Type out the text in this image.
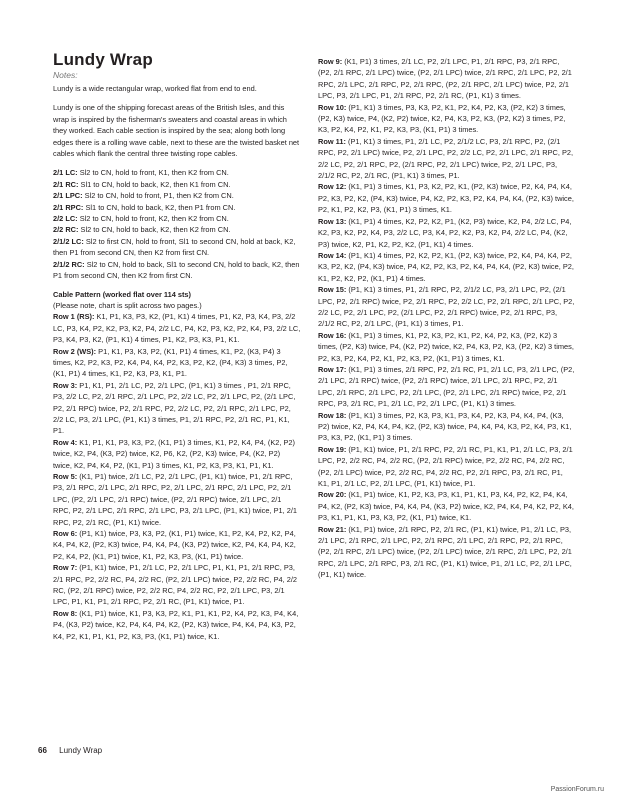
Lundy Wrap

Notes:

Lundy is a wide rectangular wrap, worked flat from end to end.

Lundy is one of the shipping forecast areas of the British Isles, and this wrap is inspired by the fisherman's sweaters and coastal areas in which they worked. Each cable section is inspired by the sea; along both long edges there is a rolling wave cable, next to these are the twisted basket net cables which flank the central three twisting rope cables.

2/1 LC: Sl2 to CN, hold to front, K1, then K2 from CN.

2/1 RC: Sl1 to CN, hold to back, K2, then K1 from CN.

2/1 LPC: Sl2 to CN, hold to front, P1, then K2 from CN.

2/1 RPC: Sl1 to CN, hold to back, K2, then P1 from CN.

2/2 LC: Sl2 to CN, hold to front, K2, then K2 from CN.

2/2 RC: Sl2 to CN, hold to back, K2, then K2 from CN.

2/1/2 LC: Sl2 to first CN, hold to front, Sl1 to second CN, hold at back, K2, then P1 from second CN, then K2 from first CN.

2/1/2 RC: Sl2 to CN, hold to back, Sl1 to second CN, hold to back, K2, then P1 from second CN, then K2 from first CN.

Cable Pattern (worked flat over 114 sts)

(Please note, chart is split across two pages.)

Row 1 (RS): K1, P1, K3, P3, K2, (P1, K1) 4 times, P1, K2, P3, K4, P3, 2/2 LC, P3, K4, P2, K2, P3, K2, P4, 2/2 LC, P4, K2, P3, K2, P2, K4, P3, 2/2 LC, P3, K4, P3, K2, (P1, K1) 4 times, P1, K2, P3, K3, P1, K1.

Row 2 (WS): P1, K1, P3, K3, P2, (K1, P1) 4 times, K1, P2, (K3, P4) 3 times, K2, P2, K3, P2, K4, P4, K4, P2, K3, P2, K2, (P4, K3) 3 times, P2, (K1, P1) 4 times, K1, P2, K3, P3, K1, P1.

Row 3: P1, K1, P1, 2/1 LC, P2, 2/1 LPC, (P1, K1) 3 times , P1, 2/1 RPC, P3, 2/2 LC, P2, 2/1 RPC, 2/1 LPC, P2, 2/2 LC, P2, 2/1 LPC, P2, (2/1 LPC, P2, 2/1 RPC) twice, P2, 2/1 RPC, P2, 2/2 LC, P2, 2/1 RPC, 2/1 LPC, P2, 2/2 LC, P3, 2/1 LPC, (P1, K1) 3 times, P1, 2/1 RPC, P2, 2/1 RC, P1, K1, P1.

Row 4: K1, P1, K1, P3, K3, P2, (K1, P1) 3 times, K1, P2, K4, P4, (K2, P2) twice, K2, P4, (K3, P2) twice, K2, P6, K2, (P2, K3) twice, P4, (K2, P2) twice, K2, P4, K4, P2, (K1, P1) 3 times, K1, P2, K3, P3, K1, P1, K1.

Row 5: (K1, P1) twice, 2/1 LC, P2, 2/1 LPC, (P1, K1) twice, P1, 2/1 RPC, P3, 2/1 RPC, 2/1 LPC, 2/1 RPC, P2, 2/1 LPC, 2/1 RPC, 2/1 LPC, P2, 2/1 LPC, (P2, 2/1 LPC, 2/1 RPC) twice, (P2, 2/1 RPC) twice, 2/1 LPC, 2/1 RPC, P2, 2/1 LPC, 2/1 RPC, 2/1 LPC, P3, 2/1 LPC, (P1, K1) twice, P1, 2/1 RPC, P2, 2/1 RC, (P1, K1) twice.

Row 6: (P1, K1) twice, P3, K3, P2, (K1, P1) twice, K1, P2, K4, P2, K2, P4, K4, P4, K2, (P2, K3) twice, P4, K4, P4, (K3, P2) twice, K2, P4, K4, P4, K2, P2, K4, P2, (K1, P1) twice, K1, P2, K3, P3, (K1, P1) twice.

Row 7: (P1, K1) twice, P1, 2/1 LC, P2, 2/1 LPC, P1, K1, P1, 2/1 RPC, P3, 2/1 RPC, P2, 2/2 RC, P4, 2/2 RC, (P2, 2/1 LPC) twice, P2, 2/2 RC, P4, 2/2 RC, (P2, 2/1 RPC) twice, P2, 2/2 RC, P4, 2/2 RC, P2, 2/1 LPC, P3, 2/1 LPC, P1, K1, P1, 2/1 RPC, P2, 2/1 RC, (P1, K1) twice, P1.

Row 8: (K1, P1) twice, K1, P3, K3, P2, K1, P1, K1, P2, K4, P2, K3, P4, K4, P4, (K3, P2) twice, K2, P4, K4, P4, K2, (P2, K3) twice, P4, K4, P4, K3, P2, K4, P2, K1, P1, K1, P2, K3, P3, (K1, P1) twice, K1.

Row 9: (K1, P1) 3 times, 2/1 LC, P2, 2/1 LPC, P1, 2/1 RPC, P3, 2/1 RPC, (P2, 2/1 RPC, 2/1 LPC) twice, (P2, 2/1 LPC) twice, 2/1 RPC, 2/1 LPC, P2, 2/1 RPC, 2/1 LPC, 2/1 RPC, P2, 2/1 RPC, (P2, 2/1 RPC, 2/1 LPC) twice, P2, 2/1 LPC, P3, 2/1 LPC, P1, 2/1 RPC, P2, 2/1 RC, (P1, K1) 3 times.

Row 10: (P1, K1) 3 times, P3, K3, P2, K1, P2, K4, P2, K3, (P2, K2) 3 times, (P2, K3) twice, P4, (K2, P2) twice, K2, P4, K3, P2, K3, (P2, K2) 3 times, P2, K3, P2, K4, P2, K1, P2, K3, P3, (K1, P1) 3 times.

Row 11: (P1, K1) 3 times, P1, 2/1 LC, P2, 2/1/2 LC, P3, 2/1 RPC, P2, (2/1 RPC, P2, 2/1 LPC) twice, P2, 2/1 LPC, P2, 2/2 LC, P2, 2/1 LPC, 2/1 RPC, P2, 2/2 LC, P2, 2/1 RPC, P2, (2/1 RPC, P2, 2/1 LPC) twice, P2, 2/1 LPC, P3, 2/1/2 RC, P2, 2/1 RC, (P1, K1) 3 times, P1.

Row 12: (K1, P1) 3 times, K1, P3, K2, P2, K1, (P2, K3) twice, P2, K4, P4, K4, P2, K3, P2, K2, (P4, K3) twice, P4, K2, P2, K3, P2, K4, P4, K4, (P2, K3) twice, P2, K1, P2, K2, P3, (K1, P1) 3 times, K1.

Row 13: (K1, P1) 4 times, K2, P2, K2, P1, (K2, P3) twice, K2, P4, 2/2 LC, P4, K2, P3, K2, P2, K4, P3, 2/2 LC, P3, K4, P2, K2, P3, K2, P4, 2/2 LC, P4, (K2, P3) twice, K2, P1, K2, P2, K2, (P1, K1) 4 times.

Row 14: (P1, K1) 4 times, P2, K2, P2, K1, (P2, K3) twice, P2, K4, P4, K4, P2, K3, P2, K2, (P4, K3) twice, P4, K2, P2, K3, P2, K4, P4, K4, (P2, K3) twice, P2, K1, P2, K2, P2, (K1, P1) 4 times.

Row 15: (P1, K1) 3 times, P1, 2/1 RPC, P2, 2/1/2 LC, P3, 2/1 LPC, P2, (2/1 LPC, P2, 2/1 RPC) twice, P2, 2/1 RPC, P2, 2/2 LC, P2, 2/1 RPC, 2/1 LPC, P2, 2/2 LC, P2, 2/1 LPC, P2, (2/1 LPC, P2, 2/1 RPC) twice, P2, 2/1 RPC, P3, 2/1/2 RC, P2, 2/1 LPC, (P1, K1) 3 times, P1.

Row 16: (K1, P1) 3 times, K1, P2, K3, P2, K1, P2, K4, P2, K3, (P2, K2) 3 times, (P2, K3) twice, P4, (K2, P2) twice, K2, P4, K3, P2, K3, (P2, K2) 3 times, P2, K3, P2, K4, P2, K1, P2, K3, P2, (K1, P1) 3 times, K1.

Row 17: (K1, P1) 3 times, 2/1 RPC, P2, 2/1 RC, P1, 2/1 LC, P3, 2/1 LPC, (P2, 2/1 LPC, 2/1 RPC) twice, (P2, 2/1 RPC) twice, 2/1 LPC, 2/1 RPC, P2, 2/1 LPC, 2/1 RPC, 2/1 LPC, P2, 2/1 LPC, (P2, 2/1 LPC, 2/1 RPC) twice, P2, 2/1 RPC, P3, 2/1 RC, P1, 2/1 LC, P2, 2/1 LPC, (P1, K1) 3 times.

Row 18: (P1, K1) 3 times, P2, K3, P3, K1, P3, K4, P2, K3, P4, K4, P4, (K3, P2) twice, K2, P4, K4, P4, K2, (P2, K3) twice, P4, K4, P4, K3, P2, K4, P3, K1, P3, K3, P2, (K1, P1) 3 times.

Row 19: (P1, K1) twice, P1, 2/1 RPC, P2, 2/1 RC, P1, K1, P1, 2/1 LC, P3, 2/1 LPC, P2, 2/2 RC, P4, 2/2 RC, (P2, 2/1 RPC) twice, P2, 2/2 RC, P4, 2/2 RC, (P2, 2/1 LPC) twice, P2, 2/2 RC, P4, 2/2 RC, P2, 2/1 RPC, P3, 2/1 RC, P1, K1, P1, 2/1 LC, P2, 2/1 LPC, (P1, K1) twice, P1.

Row 20: (K1, P1) twice, K1, P2, K3, P3, K1, P1, K1, P3, K4, P2, K2, P4, K4, P4, K2, (P2, K3) twice, P4, K4, P4, (K3, P2) twice, K2, P4, K4, P4, K2, P2, K4, P3, K1, P1, K1, P3, K3, P2, (K1, P1) twice, K1.

Row 21: (K1, P1) twice, 2/1 RPC, P2, 2/1 RC, (P1, K1) twice, P1, 2/1 LC, P3, 2/1 LPC, 2/1 RPC, 2/1 LPC, P2, 2/1 RPC, 2/1 LPC, 2/1 RPC, P2, 2/1 RPC, (P2, 2/1 RPC, 2/1 LPC) twice, (P2, 2/1 LPC) twice, 2/1 RPC, 2/1 LPC, P2, 2/1 RPC, 2/1 LPC, 2/1 RPC, P3, 2/1 RC, (P1, K1) twice, P1, 2/1 LC, P2, 2/1 LPC, (P1, K1) twice.

66 Lundy Wrap
PassionForum.ru
